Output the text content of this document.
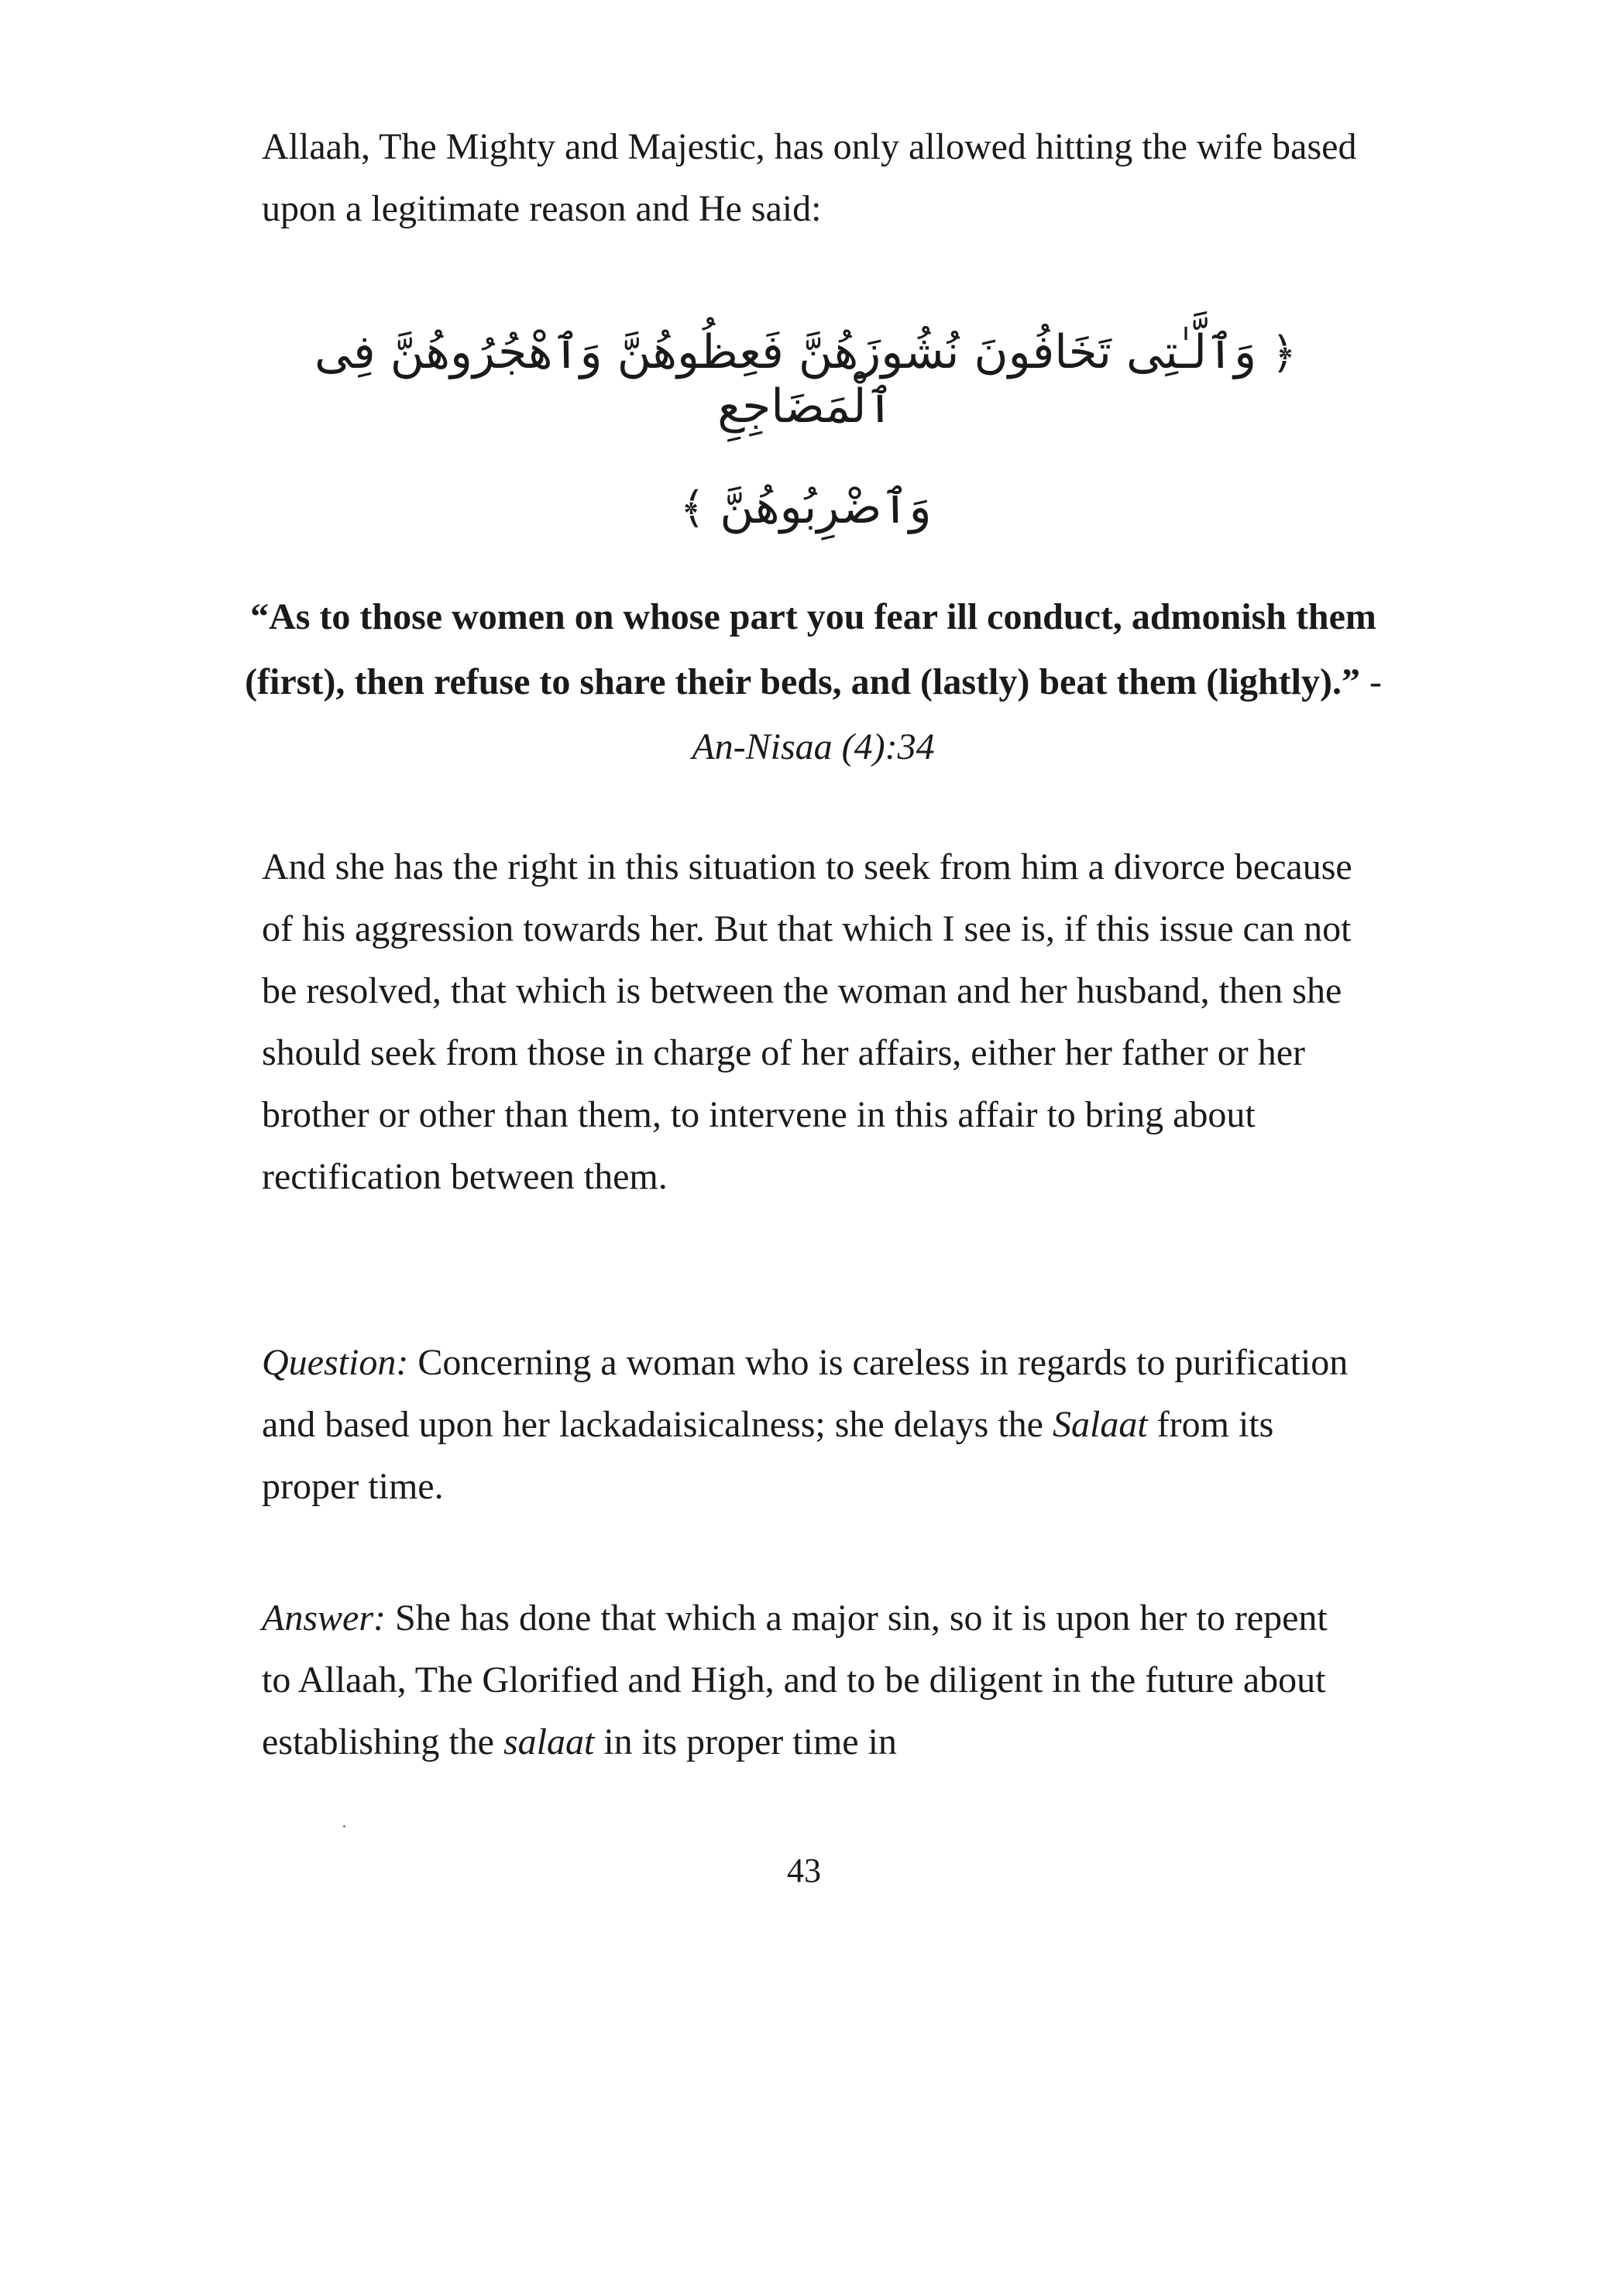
Allaah, The Mighty and Majestic, has only allowed hitting the wife based upon a legitimate reason and He said:

﴿ وَٱلَّـٰتِى تَخَافُونَ نُشُوزَهُنَّ فَعِظُوهُنَّ وَٱهْجُرُوهُنَّ فِى ٱلْمَضَاجِعِ

وَٱضْرِبُوهُنَّ ﴾

“As to those women on whose part you fear ill conduct, admonish them (first), then refuse to share their beds, and (lastly) beat them (lightly).” - An-Nisaa (4):34

And she has the right in this situation to seek from him a divorce because of his aggression towards her. But that which I see is, if this issue can not be resolved, that which is between the woman and her husband, then she should seek from those in charge of her affairs, either her father or her brother or other than them, to intervene in this affair to bring about rectification between them.

Question: Concerning a woman who is careless in regards to purification and based upon her lackadaisicalness; she delays the Salaat from its proper time.

Answer: She has done that which a major sin, so it is upon her to repent to Allaah, The Glorified and High, and to be diligent in the future about establishing the salaat in its proper time in

43
